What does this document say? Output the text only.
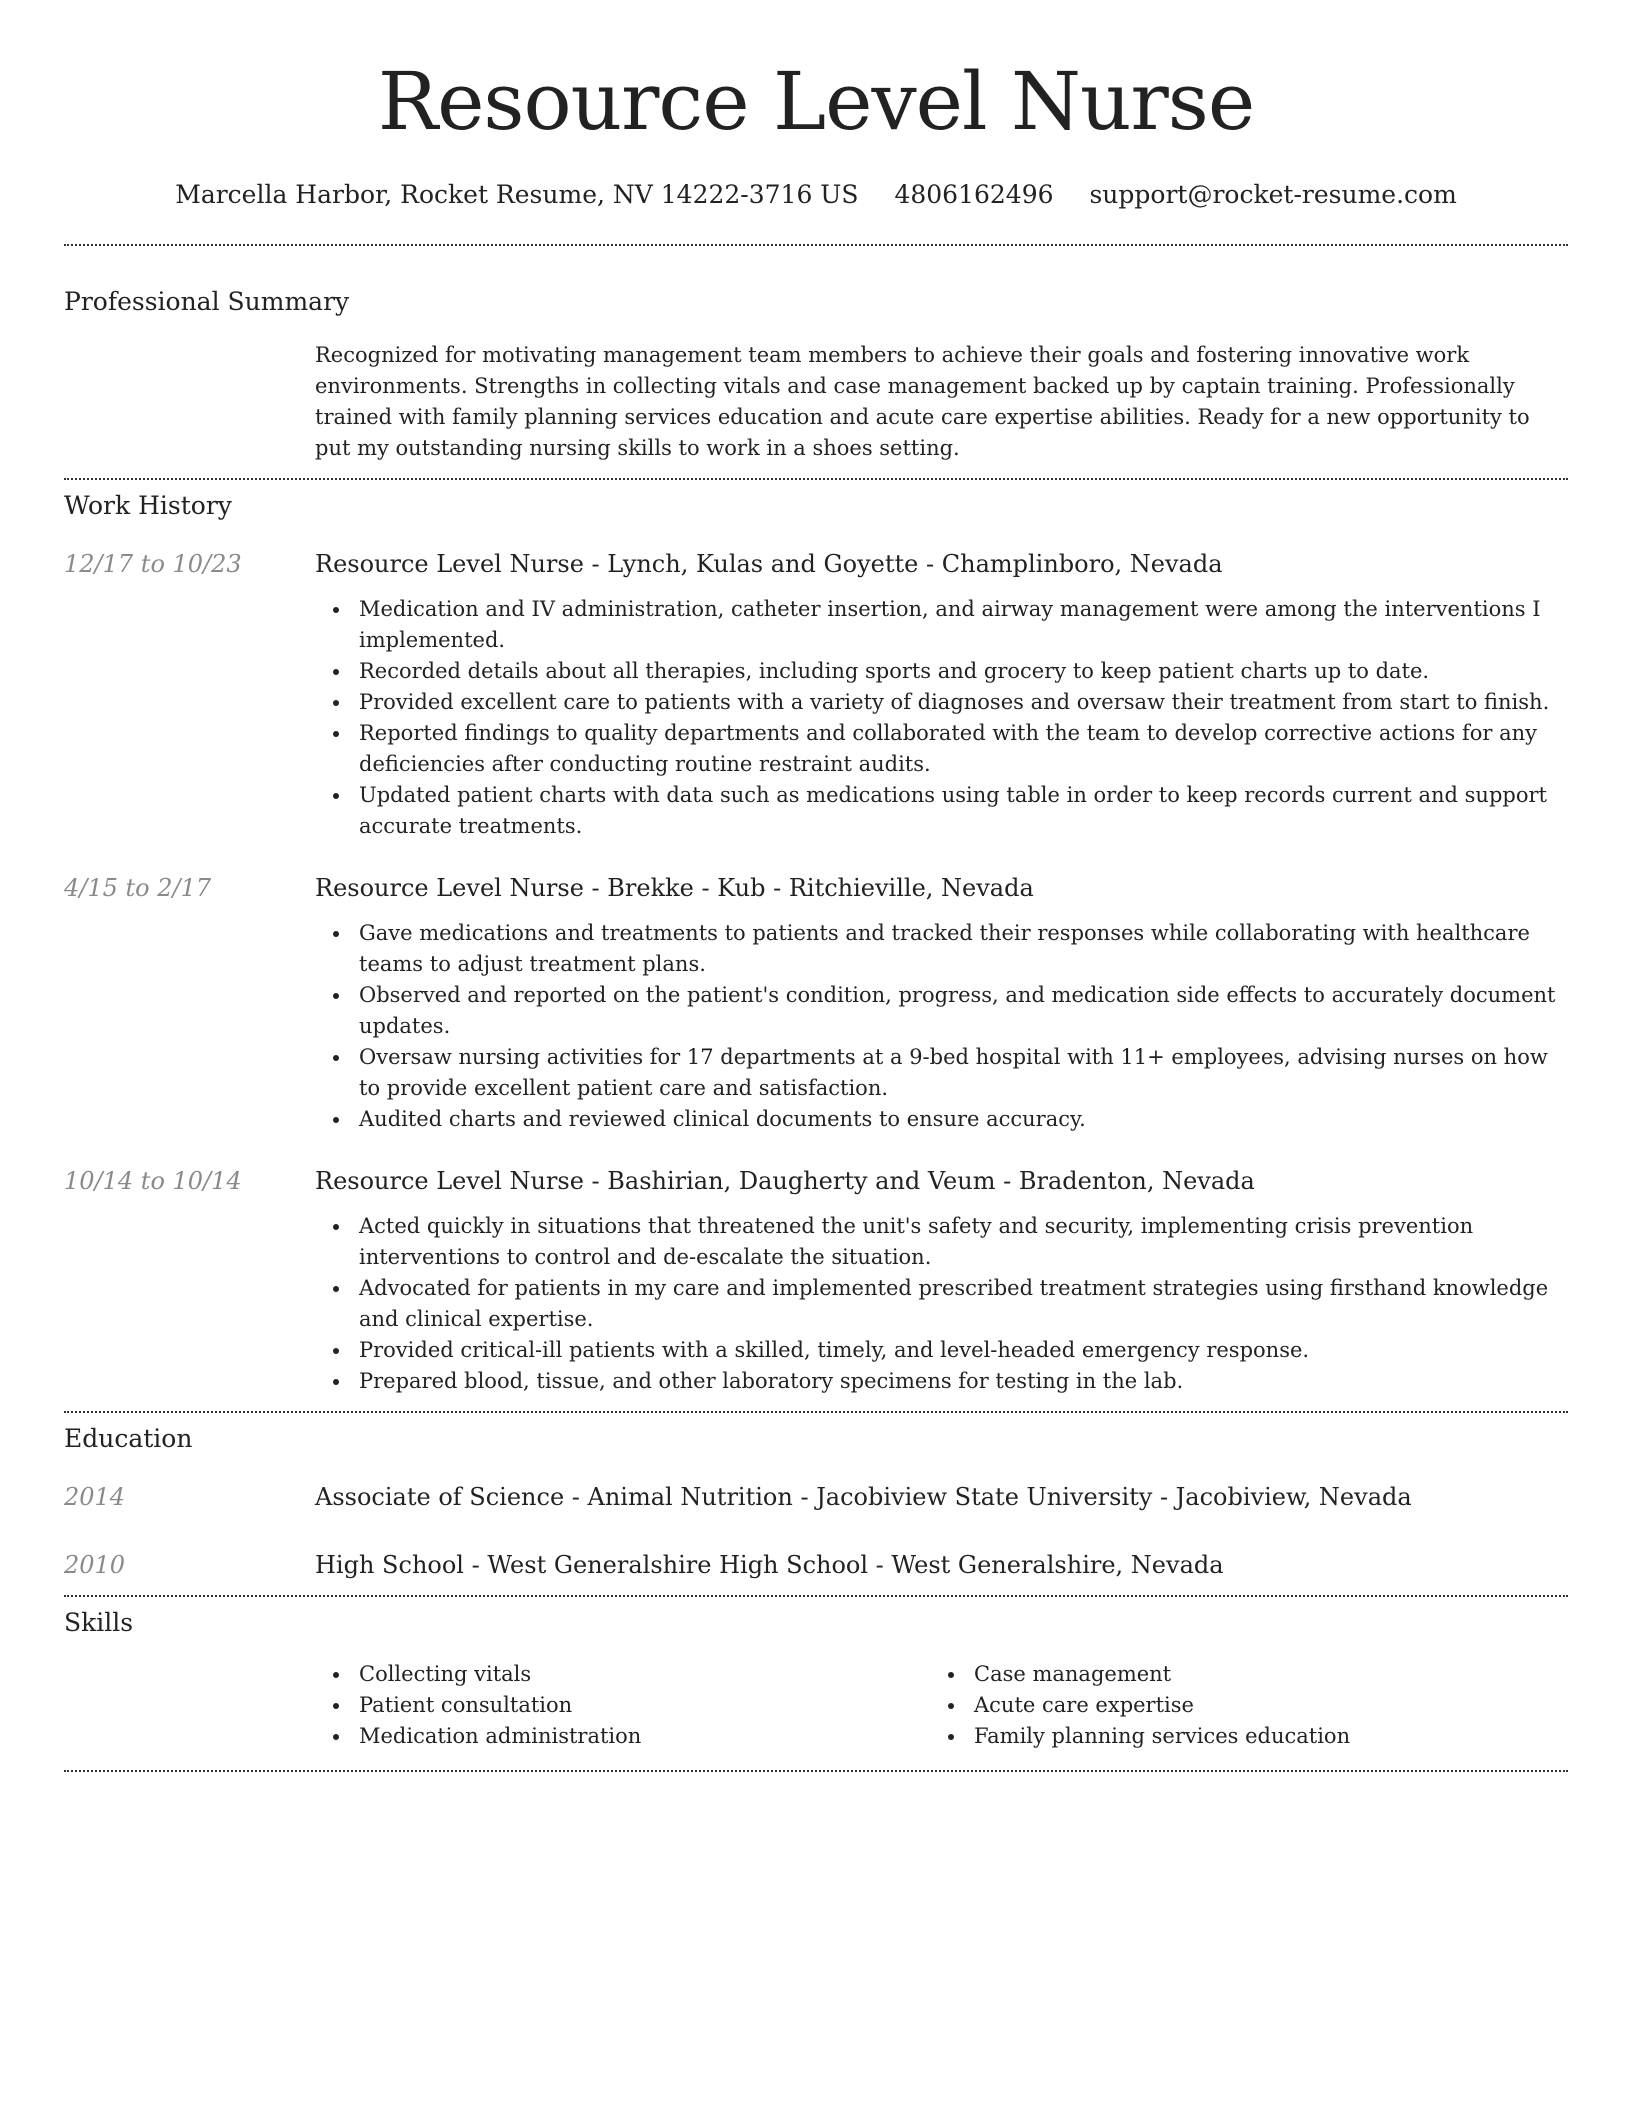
Resource Level Nurse
Marcella Harbor, Rocket Resume, NV 14222-3716 US 4806162496 support@rocket-resume.com
Professional Summary

Recognized for motivating management team members to achieve their goals and fostering innovative work environments. Strengths in collecting vitals and case management backed up by captain training. Professionally trained with family planning services education and acute care expertise abilities. Ready for a new opportunity to put my outstanding nursing skills to work in a shoes setting.

Work History
12/17 to 10/23	Resource Level Nurse - Lynch, Kulas and Goyette - Champlinboro, Nevada
Medication and IV administration, catheter insertion, and airway management were among the interventions I implemented.
Recorded details about all therapies, including sports and grocery to keep patient charts up to date.
Provided excellent care to patients with a variety of diagnoses and oversaw their treatment from start to finish.
Reported findings to quality departments and collaborated with the team to develop corrective actions for any deficiencies after conducting routine restraint audits.
Updated patient charts with data such as medications using table in order to keep records current and support accurate treatments.
4/15 to 2/17	Resource Level Nurse - Brekke - Kub - Ritchieville, Nevada
Gave medications and treatments to patients and tracked their responses while collaborating with healthcare teams to adjust treatment plans.
Observed and reported on the patient's condition, progress, and medication side effects to accurately document updates.
Oversaw nursing activities for 17 departments at a 9-bed hospital with 11+ employees, advising nurses on how to provide excellent patient care and satisfaction.
Audited charts and reviewed clinical documents to ensure accuracy.
10/14 to 10/14	Resource Level Nurse - Bashirian, Daugherty and Veum - Bradenton, Nevada
Acted quickly in situations that threatened the unit's safety and security, implementing crisis prevention interventions to control and de-escalate the situation.
Advocated for patients in my care and implemented prescribed treatment strategies using firsthand knowledge and clinical expertise.
Provided critical-ill patients with a skilled, timely, and level-headed emergency response.
Prepared blood, tissue, and other laboratory specimens for testing in the lab.
Education
2014	Associate of Science - Animal Nutrition - Jacobiview State University - Jacobiview, Nevada
2010	High School - West Generalshire High School - West Generalshire, Nevada
Skills
Collecting vitals
Patient consultation
Medication administration
Case management
Acute care expertise
Family planning services education
